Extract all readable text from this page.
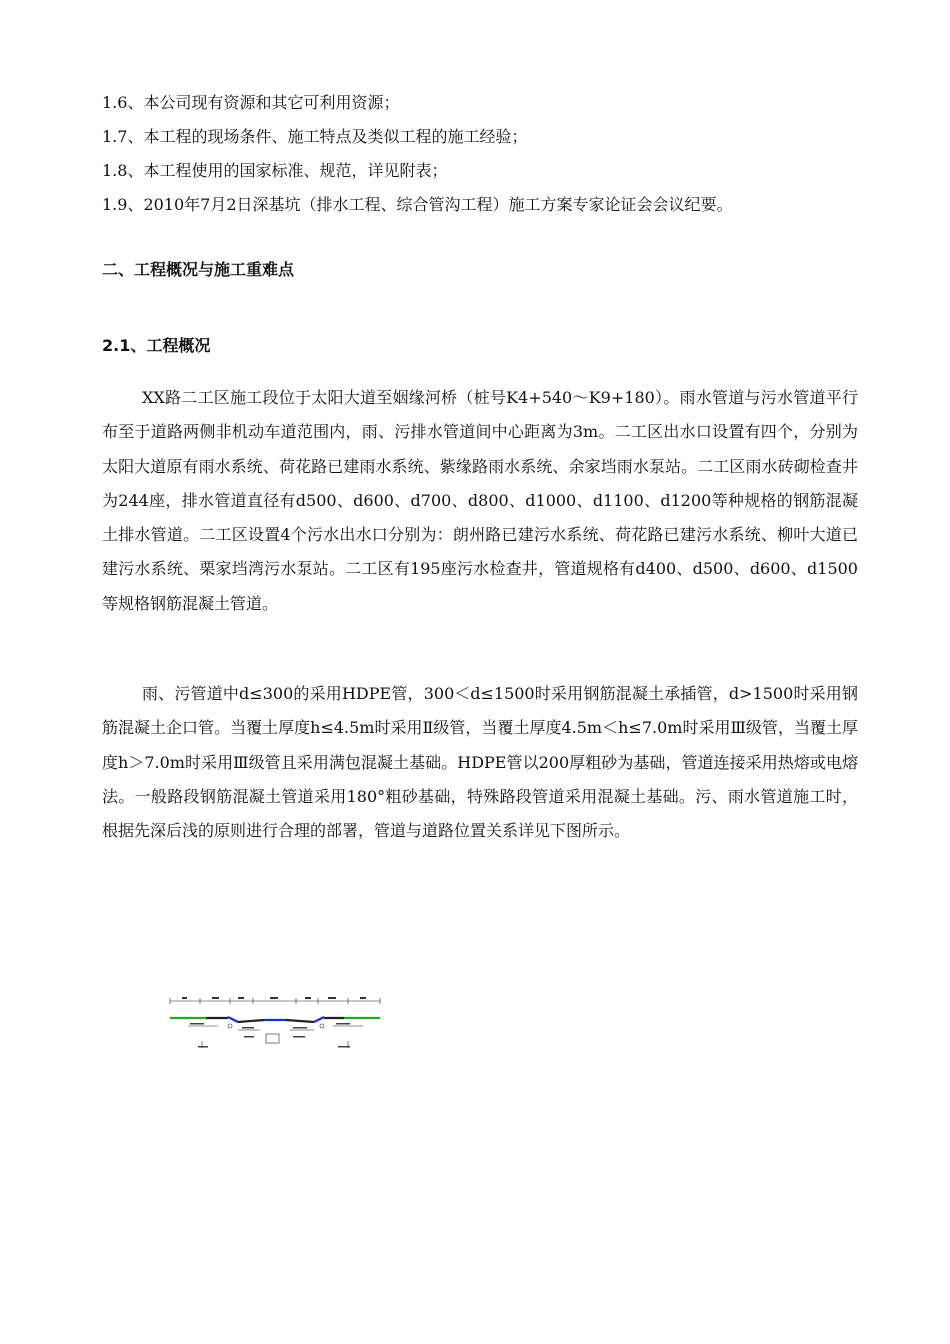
1.6、本公司现有资源和其它可利用资源；
1.7、本工程的现场条件、施工特点及类似工程的施工经验；
1.8、本工程使用的国家标准、规范，详见附表；
1.9、2010年7月2日深基坑（排水工程、综合管沟工程）施工方案专家论证会会议纪要。
二、工程概况与施工重难点
2.1、工程概况

XX路二工区施工段位于太阳大道至姻缘河桥（桩号K4+540～K9+180）。雨水管道与污水管道平行布至于道路两侧非机动车道范围内，雨、污排水管道间中心距离为3m。二工区出水口设置有四个，分别为太阳大道原有雨水系统、荷花路已建雨水系统、紫缘路雨水系统、余家垱雨水泵站。二工区雨水砖砌检查井为244座，排水管道直径有d500、d600、d700、d800、d1000、d1100、d1200等种规格的钢筋混凝土排水管道。二工区设置4个污水出水口分别为：朗州路已建污水系统、荷花路已建污水系统、柳叶大道已建污水系统、栗家垱湾污水泵站。二工区有195座污水检查井，管道规格有d400、d500、d600、d1500等规格钢筋混凝土管道。

雨、污管道中d≤300的采用HDPE管，300＜d≤1500时采用钢筋混凝土承插管，d>1500时采用钢筋混凝土企口管。当覆土厚度h≤4.5m时采用Ⅱ级管，当覆土厚度4.5m＜h≤7.0m时采用Ⅲ级管，当覆土厚度h＞7.0m时采用Ⅲ级管且采用满包混凝土基础。HDPE管以200厚粗砂为基础，管道连接采用热熔或电熔法。一般路段钢筋混凝土管道采用180°粗砂基础，特殊路段管道采用混凝土基础。污、雨水管道施工时，根据先深后浅的原则进行合理的部署，管道与道路位置关系详见下图所示。
